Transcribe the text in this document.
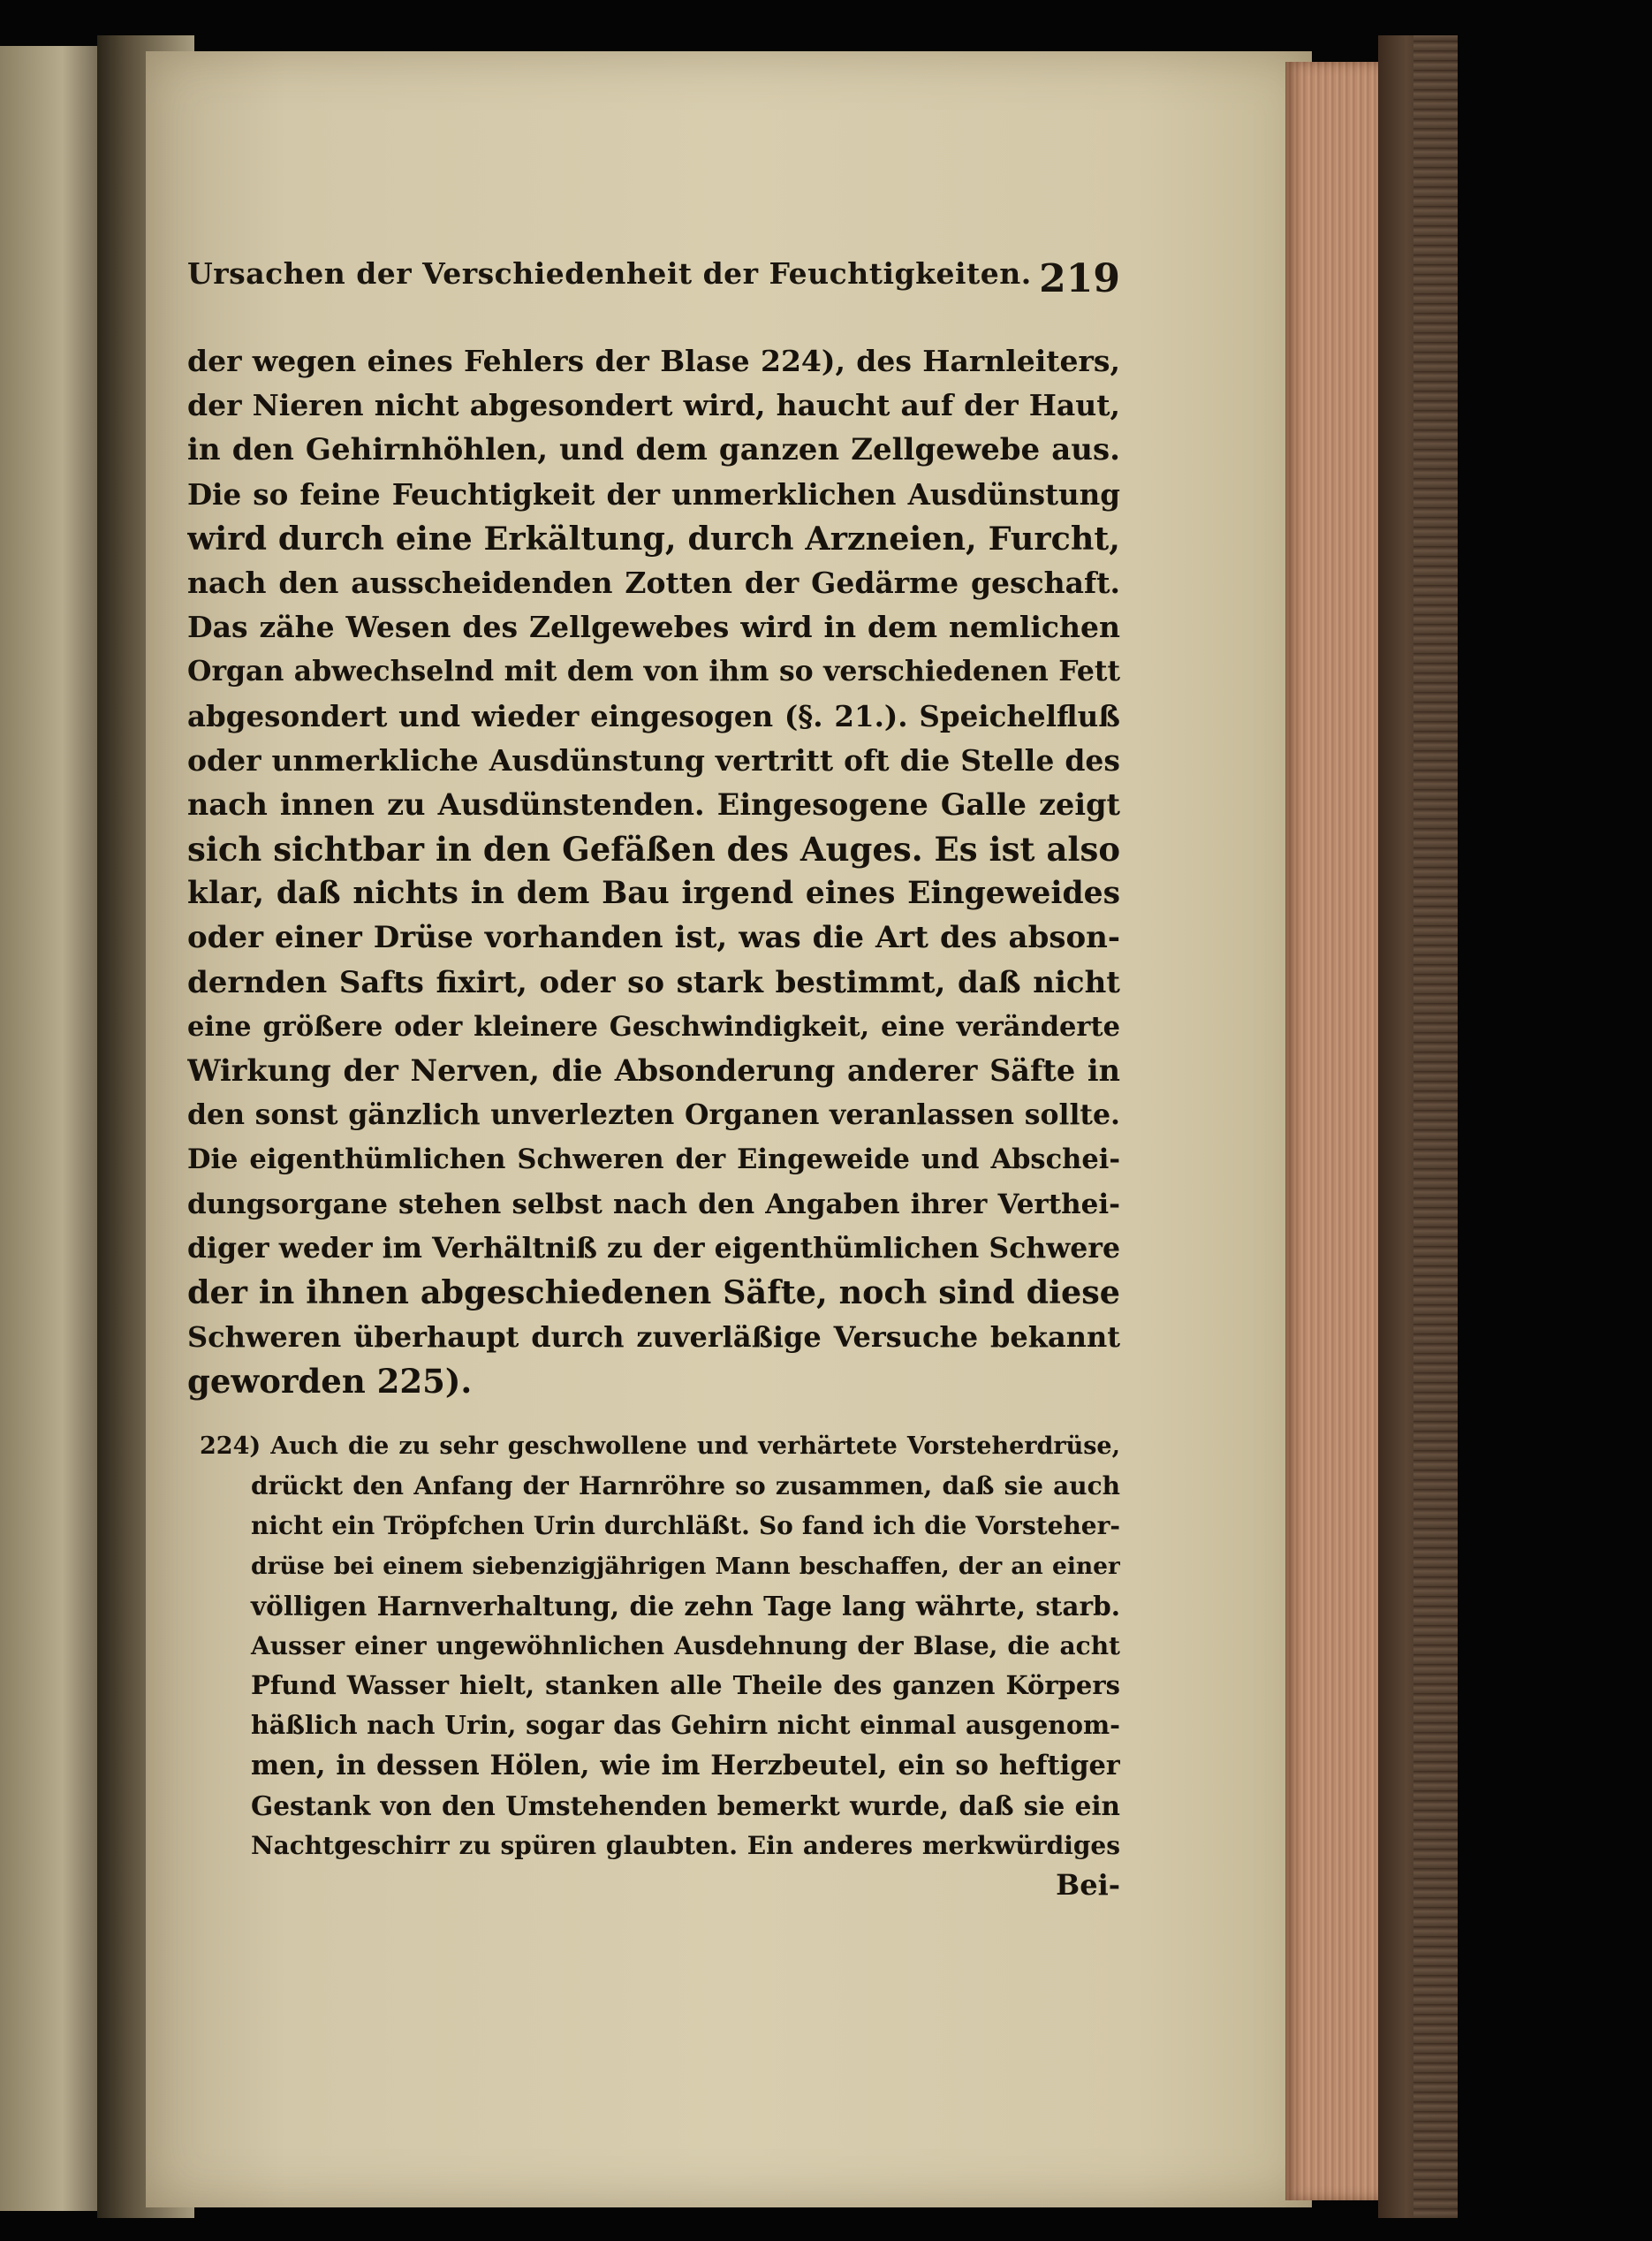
Ursachen der Verschiedenheit der Feuchtigkeiten. 219
der wegen eines Fehlers der Blase 224), des Harnleiters,
der Nieren nicht abgesondert wird, haucht auf der Haut,
in den Gehirnhöhlen, und dem ganzen Zellgewebe aus.
Die so feine Feuchtigkeit der unmerklichen Ausdünstung
wird durch eine Erkältung, durch Arzneien, Furcht,
nach den ausscheidenden Zotten der Gedärme geschaft.
Das zähe Wesen des Zellgewebes wird in dem nemlichen
Organ abwechselnd mit dem von ihm so verschiedenen Fett
abgesondert und wieder eingesogen (§. 21.). Speichelfluß
oder unmerkliche Ausdünstung vertritt oft die Stelle des
nach innen zu Ausdünstenden. Eingesogene Galle zeigt
sich sichtbar in den Gefäßen des Auges. Es ist also
klar, daß nichts in dem Bau irgend eines Eingeweides
oder einer Drüse vorhanden ist, was die Art des abson-
dernden Safts fixirt, oder so stark bestimmt, daß nicht
eine größere oder kleinere Geschwindigkeit, eine veränderte
Wirkung der Nerven, die Absonderung anderer Säfte in
den sonst gänzlich unverlezten Organen veranlassen sollte.
Die eigenthümlichen Schweren der Eingeweide und Abschei-
dungsorgane stehen selbst nach den Angaben ihrer Verthei-
diger weder im Verhältniß zu der eigenthümlichen Schwere
der in ihnen abgeschiedenen Säfte, noch sind diese
Schweren überhaupt durch zuverläßige Versuche bekannt
geworden 225).
224) Auch die zu sehr geschwollene und verhärtete Vorsteherdrüse,
drückt den Anfang der Harnröhre so zusammen, daß sie auch
nicht ein Tröpfchen Urin durchläßt. So fand ich die Vorsteher-
drüse bei einem siebenzigjährigen Mann beschaffen, der an einer
völligen Harnverhaltung, die zehn Tage lang währte, starb.
Ausser einer ungewöhnlichen Ausdehnung der Blase, die acht
Pfund Wasser hielt, stanken alle Theile des ganzen Körpers
häßlich nach Urin, sogar das Gehirn nicht einmal ausgenom-
men, in dessen Hölen, wie im Herzbeutel, ein so heftiger
Gestank von den Umstehenden bemerkt wurde, daß sie ein
Nachtgeschirr zu spüren glaubten. Ein anderes merkwürdiges
Bei-
